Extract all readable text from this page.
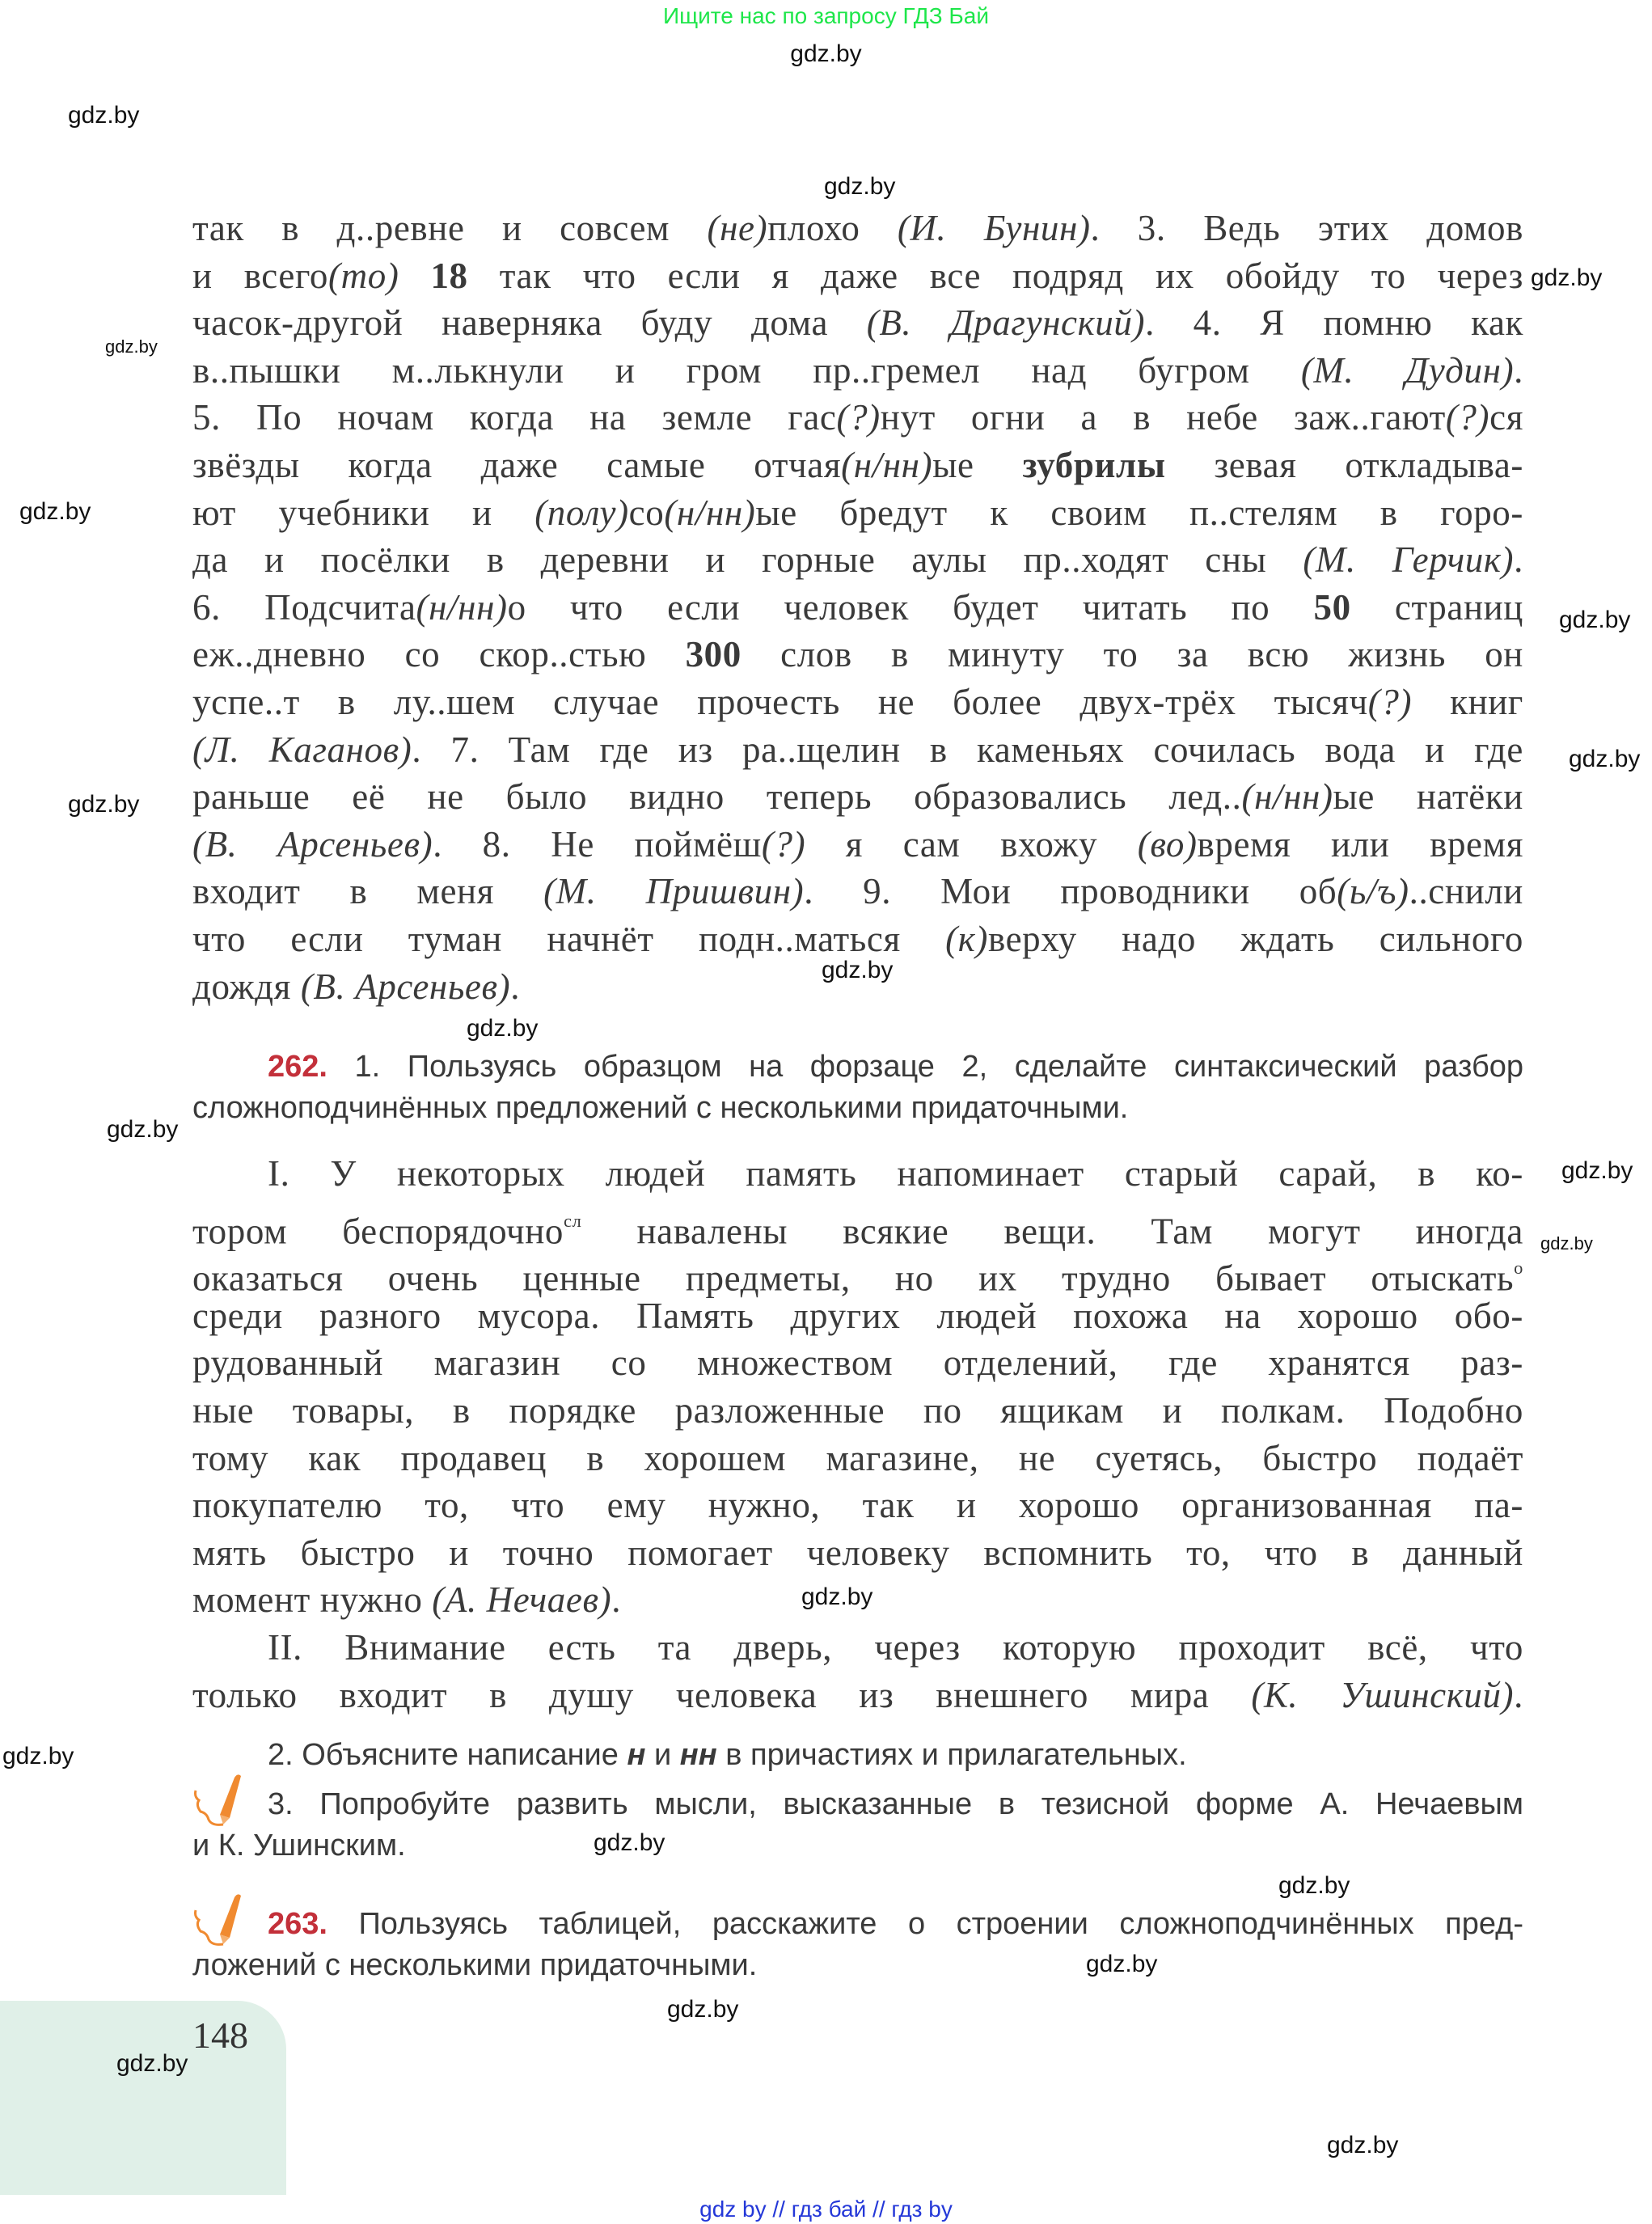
Ищите нас по запросу ГДЗ Бай
gdz.by
так в д..ревне и совсем (не)плохо (И. Бунин). 3. Ведь этих домов
и всего(то) 18 так что если я даже все подряд их обойду то через
часок-другой наверняка буду дома (В. Драгунский). 4. Я помню как
в..пышки м..лькнули и гром пр..гремел над бугром (М. Дудин).
5. По ночам когда на земле гас(?)нут огни а в небе заж..гают(?)ся
звёзды когда даже самые отчая(н/нн)ые зубрилы зевая откладыва-
ют учебники и (полу)со(н/нн)ые бредут к своим п..стелям в горо-
да и посёлки в деревни и горные аулы пр..ходят сны (М. Герчик).
6. Подсчита(н/нн)о что если человек будет читать по 50 страниц
еж..дневно со скор..стью 300 слов в минуту то за всю жизнь он
успе..т в лу..шем случае прочесть не более двух-трёх тысяч(?) книг
(Л. Каганов). 7. Там где из ра..щелин в каменьях сочилась вода и где
раньше её не было видно теперь образовались лед..(н/нн)ые натёки
(В. Арсеньев). 8. Не поймёш(?) я сам вхожу (во)время или время
входит в меня (М. Пришвин). 9. Мои проводники об(ь/ъ)..снили
что если туман начнёт подн..маться (к)верху надо ждать сильного
дождя (В. Арсеньев).
262. 1. Пользуясь образцом на форзаце 2, сделайте синтаксический разбор
сложноподчинённых предложений с несколькими придаточными.
I. У некоторых людей память напоминает старый сарай, в ко-
тором беспорядочно$^{сл}$ навалены всякие вещи. Там могут иногда
оказаться очень ценные предметы, но их трудно бывает отыскать$^о$
среди разного мусора. Память других людей похожа на хорошо обо-
рудованный магазин со множеством отделений, где хранятся раз-
ные товары, в порядке разложенные по ящикам и полкам. Подобно
тому как продавец в хорошем магазине, не суетясь, быстро подаёт
покупателю то, что ему нужно, так и хорошо организованная па-
мять быстро и точно помогает человеку вспомнить то, что в данный
момент нужно (А. Нечаев).
II. Внимание есть та дверь, через которую проходит всё, что
только входит в душу человека из внешнего мира (К. Ушинский).
2. Объясните написание н и нн в причастиях и прилагательных.
3. Попробуйте развить мысли, высказанные в тезисной форме А. Нечаевым
и К. Ушинским.
263. Пользуясь таблицей, расскажите о строении сложноподчинённых пред-
ложений с несколькими придаточными.
148
gdz.by
gdz.by
gdz.by
gdz.by
gdz.by
gdz.by
gdz.by
gdz.by
gdz.by
gdz.by
gdz.by
gdz.by
gdz.by
gdz.by
gdz.by
gdz.by
gdz.by
gdz.by
gdz.by
gdz.by
gdz.by
gdz by // гдз бай // гдз by
